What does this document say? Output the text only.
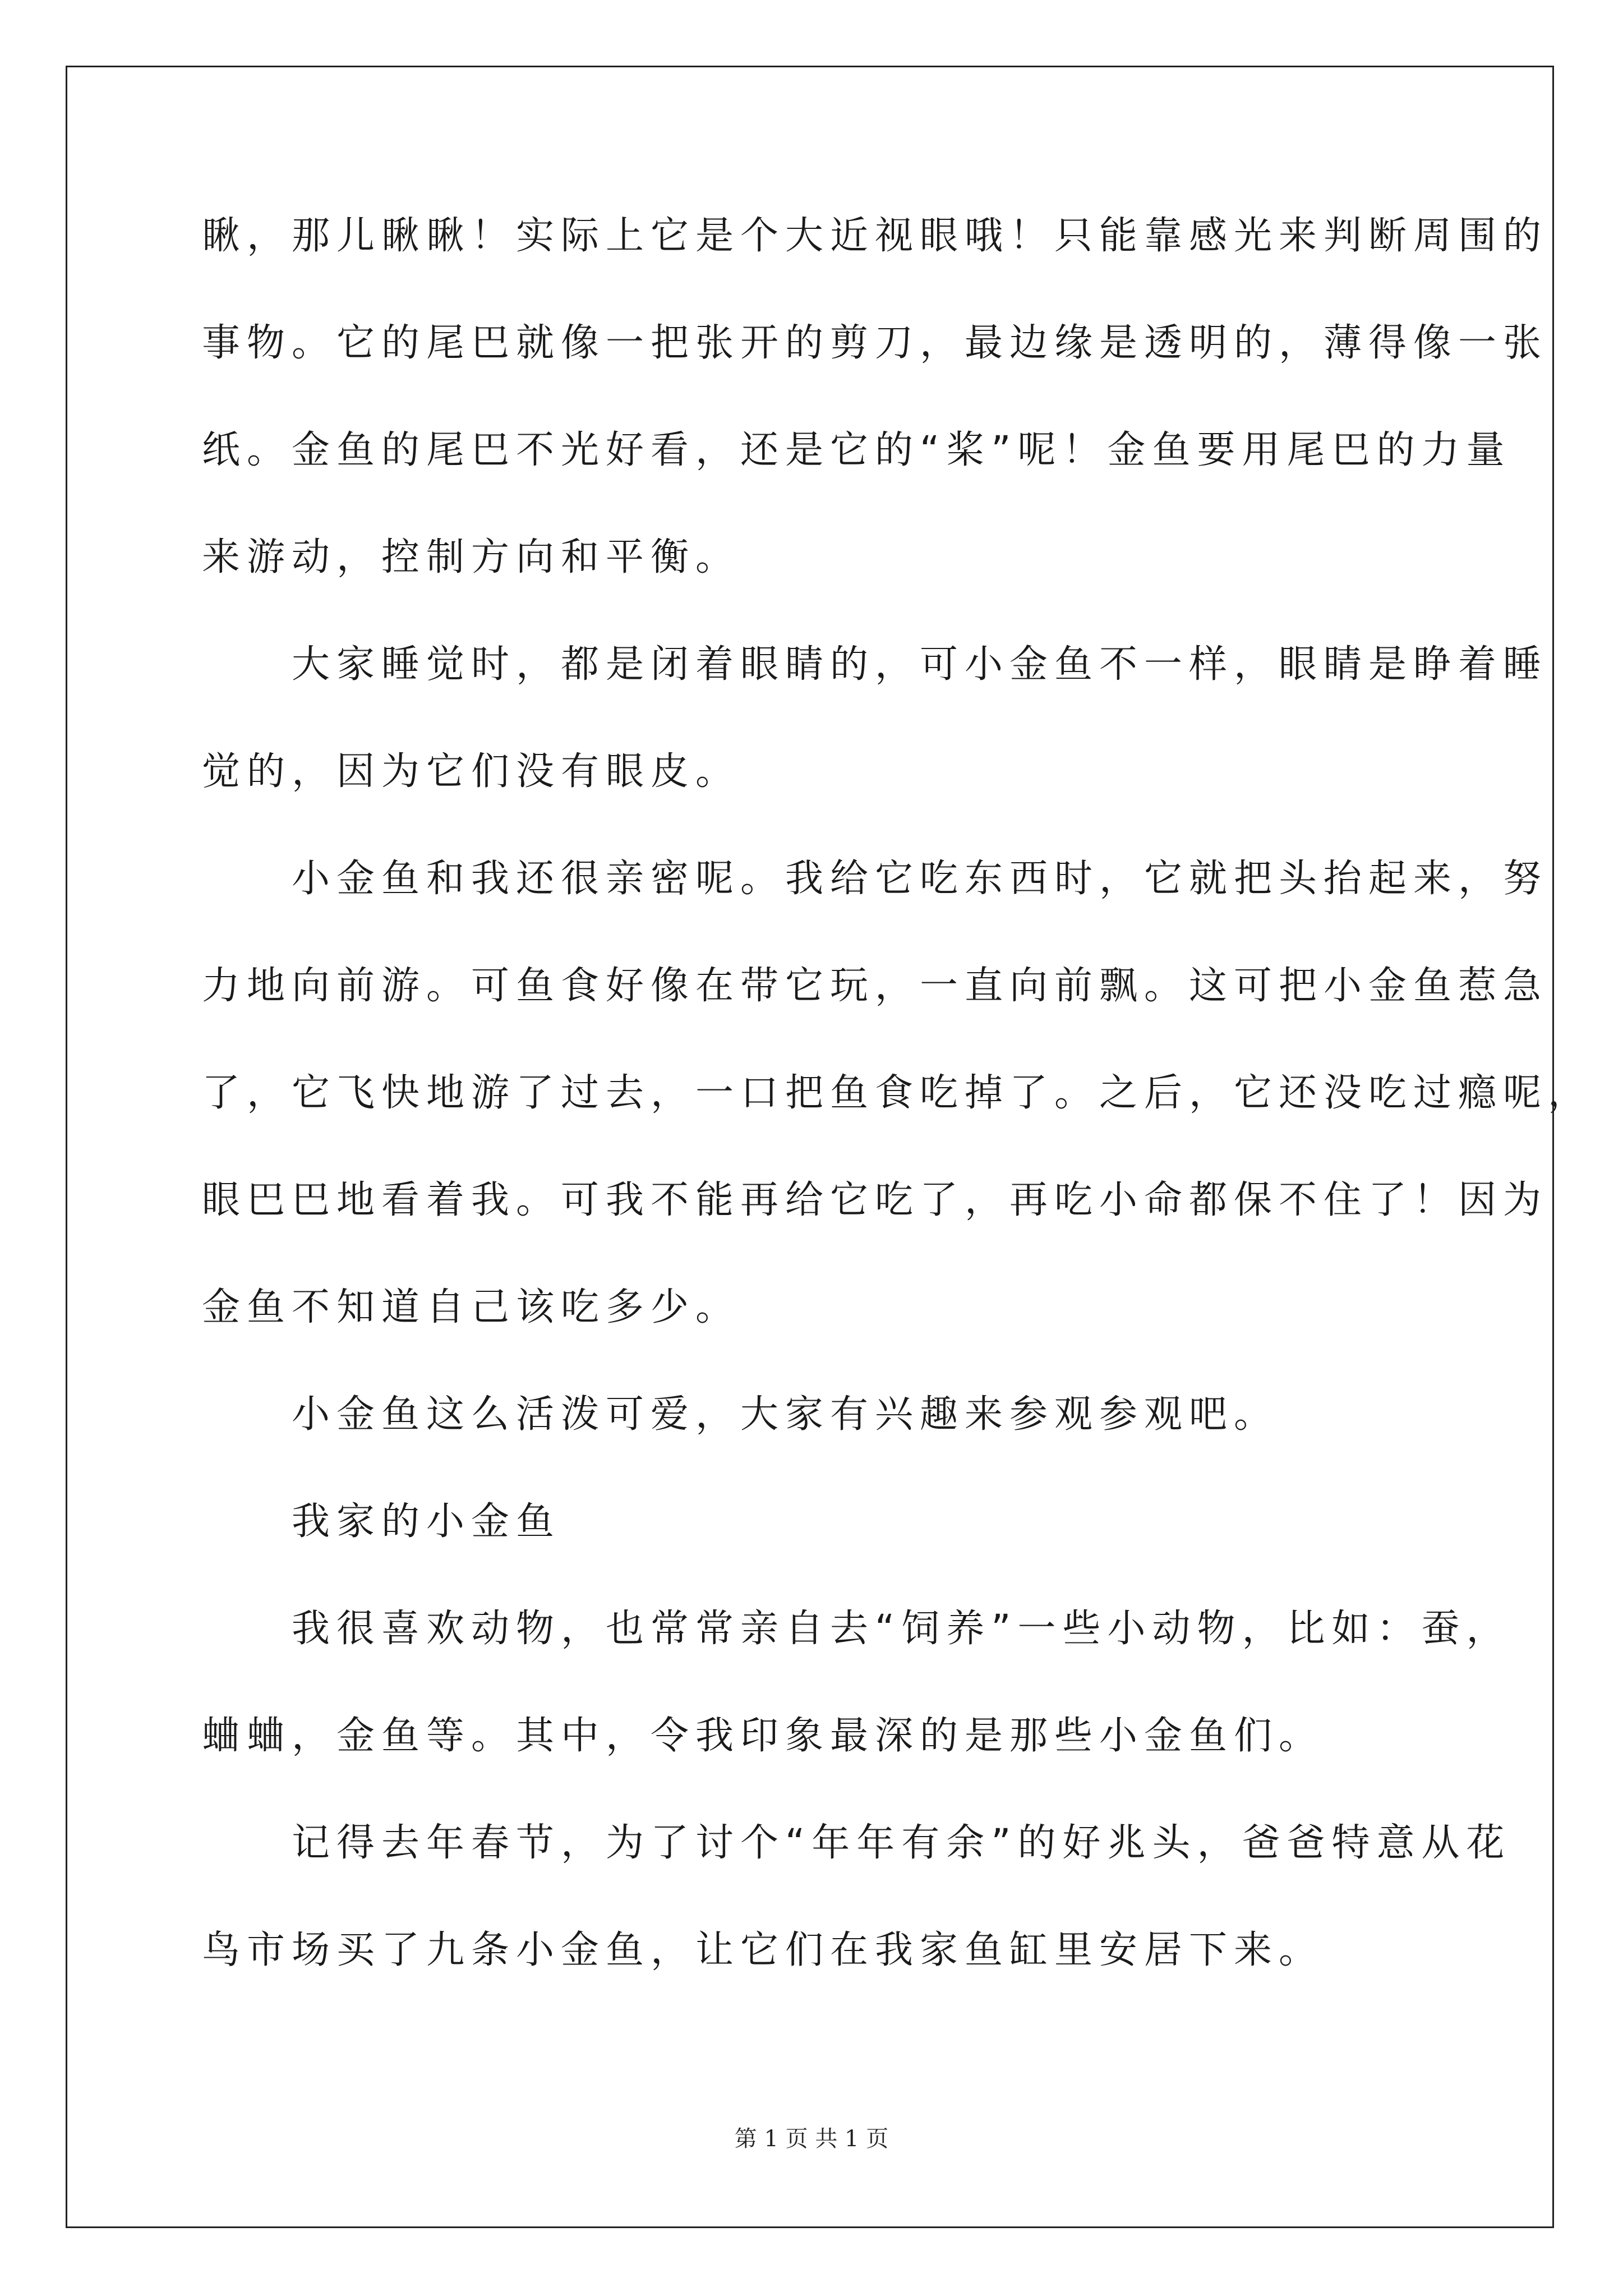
瞅，那儿瞅瞅！实际上它是个大近视眼哦！只能靠感光来判断周围的
事物。它的尾巴就像一把张开的剪刀，最边缘是透明的，薄得像一张
纸。金鱼的尾巴不光好看，还是它的“桨”呢！金鱼要用尾巴的力量
来游动，控制方向和平衡。
大家睡觉时，都是闭着眼睛的，可小金鱼不一样，眼睛是睁着睡
觉的，因为它们没有眼皮。
小金鱼和我还很亲密呢。我给它吃东西时，它就把头抬起来，努
力地向前游。可鱼食好像在带它玩，一直向前飘。这可把小金鱼惹急
了，它飞快地游了过去，一口把鱼食吃掉了。之后，它还没吃过瘾呢，
眼巴巴地看着我。可我不能再给它吃了，再吃小命都保不住了！因为
金鱼不知道自己该吃多少。
小金鱼这么活泼可爱，大家有兴趣来参观参观吧。
我家的小金鱼
我很喜欢动物，也常常亲自去“饲养”一些小动物，比如：蚕，
蛐蛐，金鱼等。其中，令我印象最深的是那些小金鱼们。
记得去年春节，为了讨个“年年有余”的好兆头，爸爸特意从花
鸟市场买了九条小金鱼，让它们在我家鱼缸里安居下来。
第 1 页 共 1 页
